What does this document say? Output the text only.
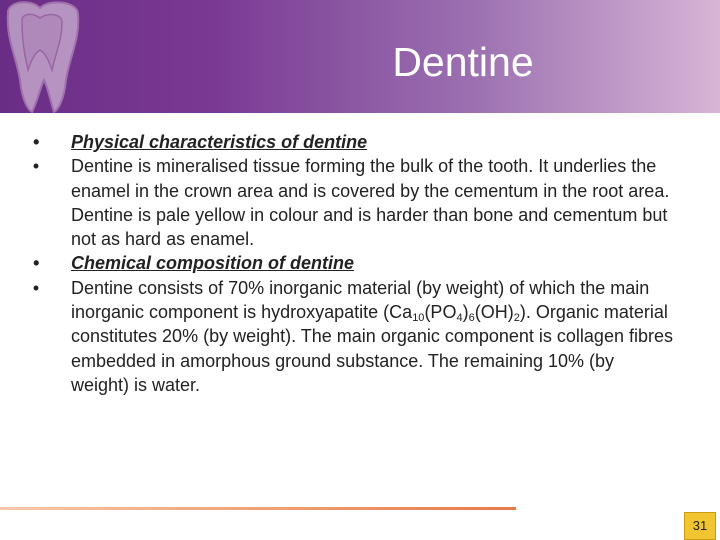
Dentine
•	Physical characteristics of dentine
•	Dentine is mineralised tissue forming the bulk of the tooth. It underlies the enamel in the crown area and is covered by the cementum in the root area. Dentine is pale yellow in colour and is harder than bone and cementum but not as hard as enamel.
•	Chemical composition of dentine
•	Dentine consists of 70% inorganic material (by weight) of which the main inorganic component is hydroxyapatite $(Ca_{10}(PO_4)_6(OH)_2)$. Organic material constitutes 20% (by weight). The main organic component is collagen fibres embedded in amorphous ground substance. The remaining 10% (by weight) is water.
31
